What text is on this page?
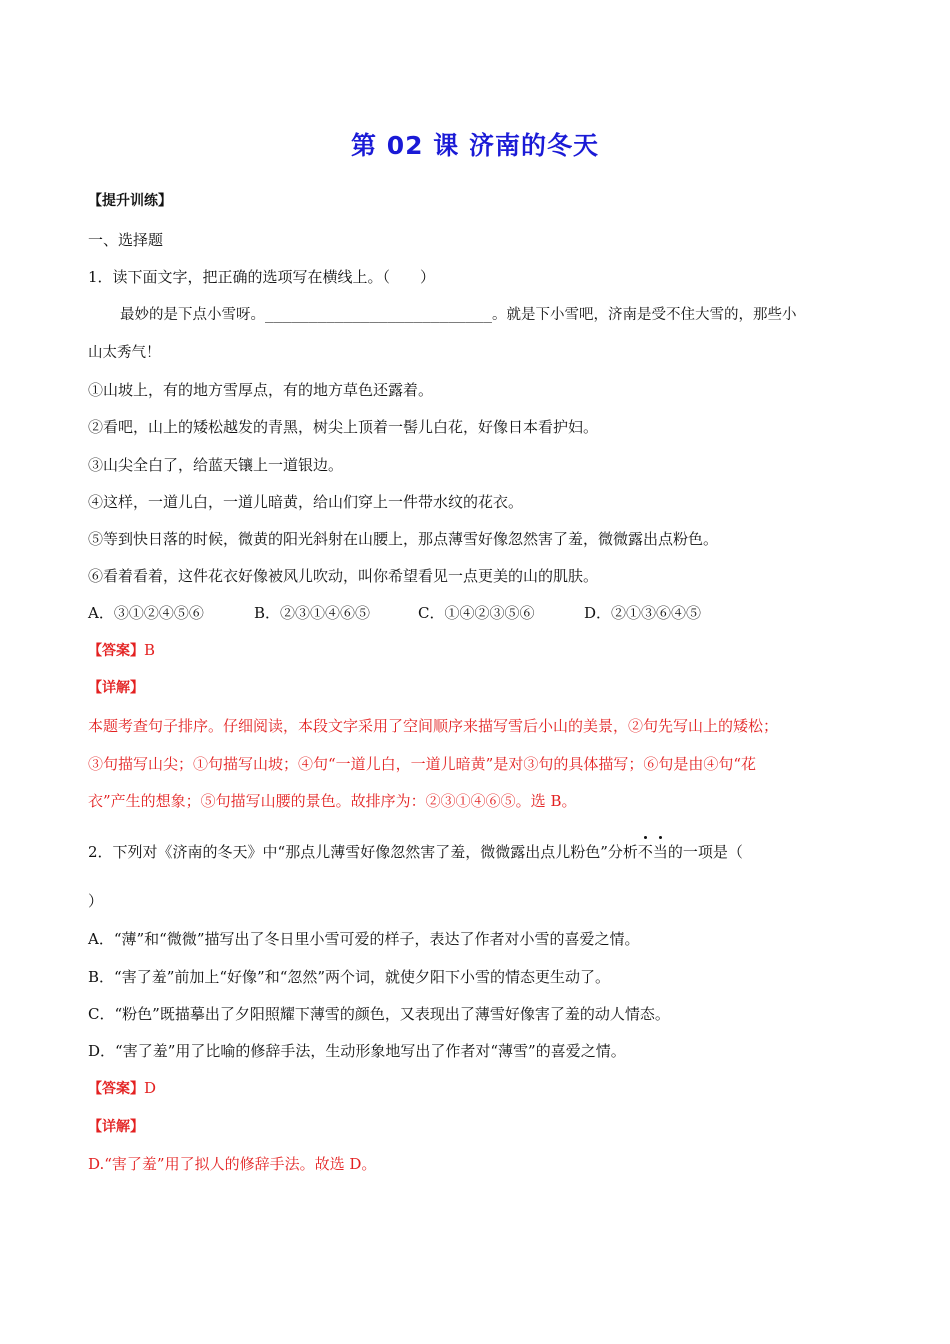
第 02 课 济南的冬天
【提升训练】
一、选择题
1．读下面文字，把正确的选项写在横线上。（　　）
最妙的是下点小雪呀。__________________________。就是下小雪吧，济南是受不住大雪的，那些小
山太秀气！
①山坡上，有的地方雪厚点，有的地方草色还露着。
②看吧，山上的矮松越发的青黑，树尖上顶着一髻儿白花，好像日本看护妇。
③山尖全白了，给蓝天镶上一道银边。
④这样，一道儿白，一道儿暗黄，给山们穿上一件带水纹的花衣。
⑤等到快日落的时候，微黄的阳光斜射在山腰上，那点薄雪好像忽然害了羞，微微露出点粉色。
⑥看着看着，这件花衣好像被风儿吹动，叫你希望看见一点更美的山的肌肤。
A．③①②④⑤⑥	B．②③①④⑥⑤	C．①④②③⑤⑥	D．②①③⑥④⑤
【答案】B
【详解】
本题考查句子排序。仔细阅读，本段文字采用了空间顺序来描写雪后小山的美景，②句先写山上的矮松；
③句描写山尖；①句描写山坡；④句“一道儿白，一道儿暗黄”是对③句的具体描写；⑥句是由④句“花
衣”产生的想象；⑤句描写山腰的景色。故排序为：②③①④⑥⑤。选 B。
2．下列对《济南的冬天》中“那点儿薄雪好像忽然害了羞，微微露出点儿粉色”分析不当的一项是（
）
A．“薄”和“微微”描写出了冬日里小雪可爱的样子，表达了作者对小雪的喜爱之情。
B．“害了羞”前加上“好像”和“忽然”两个词，就使夕阳下小雪的情态更生动了。
C．“粉色”既描摹出了夕阳照耀下薄雪的颜色，又表现出了薄雪好像害了羞的动人情态。
D．“害了羞”用了比喻的修辞手法，生动形象地写出了作者对“薄雪”的喜爱之情。
【答案】D
【详解】
D.“害了羞”用了拟人的修辞手法。故选 D。
